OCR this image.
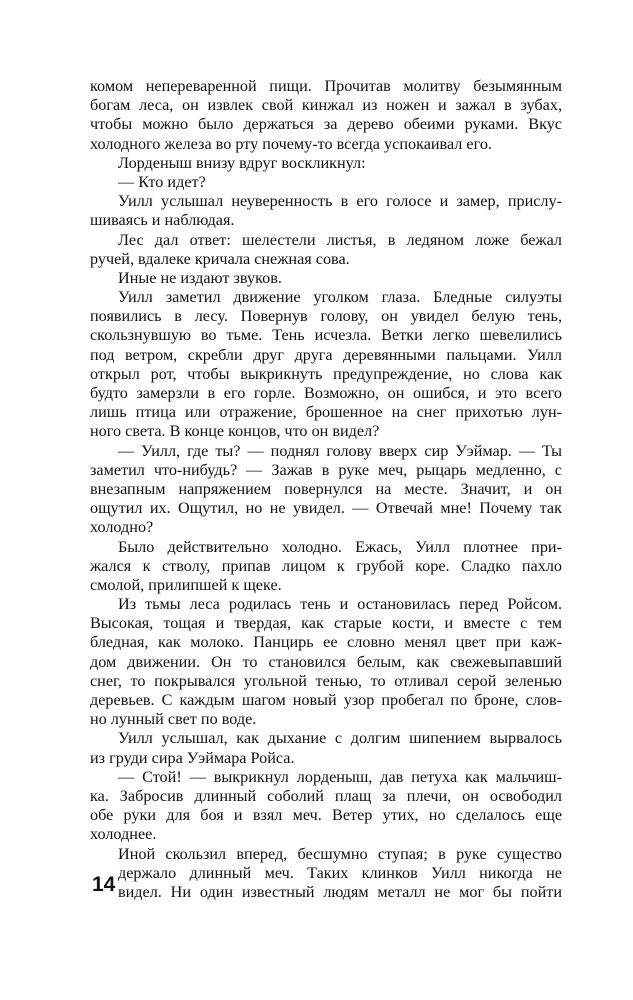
комом непереваренной пищи. Прочитав молитву безымянным
богам леса, он извлек свой кинжал из ножен и зажал в зубах,
чтобы можно было держаться за дерево обеими руками. Вкус
холодного железа во рту почему-то всегда успокаивал его.
Лорденыш внизу вдруг воскликнул:
— Кто идет?
Уилл услышал неуверенность в его голосе и замер, прислу-
шиваясь и наблюдая.
Лес дал ответ: шелестели листья, в ледяном ложе бежал
ручей, вдалеке кричала снежная сова.
Иные не издают звуков.
Уилл заметил движение уголком глаза. Бледные силуэты
появились в лесу. Повернув голову, он увидел белую тень,
скользнувшую во тьме. Тень исчезла. Ветки легко шевелились
под ветром, скребли друг друга деревянными пальцами. Уилл
открыл рот, чтобы выкрикнуть предупреждение, но слова как
будто замерзли в его горле. Возможно, он ошибся, и это всего
лишь птица или отражение, брошенное на снег прихотью лун-
ного света. В конце концов, что он видел?
— Уилл, где ты? — поднял голову вверх сир Уэймар. — Ты
заметил что-нибудь? — Зажав в руке меч, рыцарь медленно, с
внезапным напряжением повернулся на месте. Значит, и он
ощутил их. Ощутил, но не увидел. — Отвечай мне! Почему так
холодно?
Было действительно холодно. Ежась, Уилл плотнее при-
жался к стволу, припав лицом к грубой коре. Сладко пахло
смолой, прилипшей к щеке.
Из тьмы леса родилась тень и остановилась перед Ройсом.
Высокая, тощая и твердая, как старые кости, и вместе с тем
бледная, как молоко. Панцирь ее словно менял цвет при каж-
дом движении. Он то становился белым, как свежевыпавший
снег, то покрывался угольной тенью, то отливал серой зеленью
деревьев. С каждым шагом новый узор пробегал по броне, слов-
но лунный свет по воде.
Уилл услышал, как дыхание с долгим шипением вырвалось
из груди сира Уэймара Ройса.
— Стой! — выкрикнул лорденыш, дав петуха как мальчиш-
ка. Забросив длинный соболий плащ за плечи, он освободил
обе руки для боя и взял меч. Ветер утих, но сделалось еще
холоднее.
Иной скользил вперед, бесшумно ступая; в руке существо
держало длинный меч. Таких клинков Уилл никогда не
видел. Ни один известный людям металл не мог бы пойти
14
